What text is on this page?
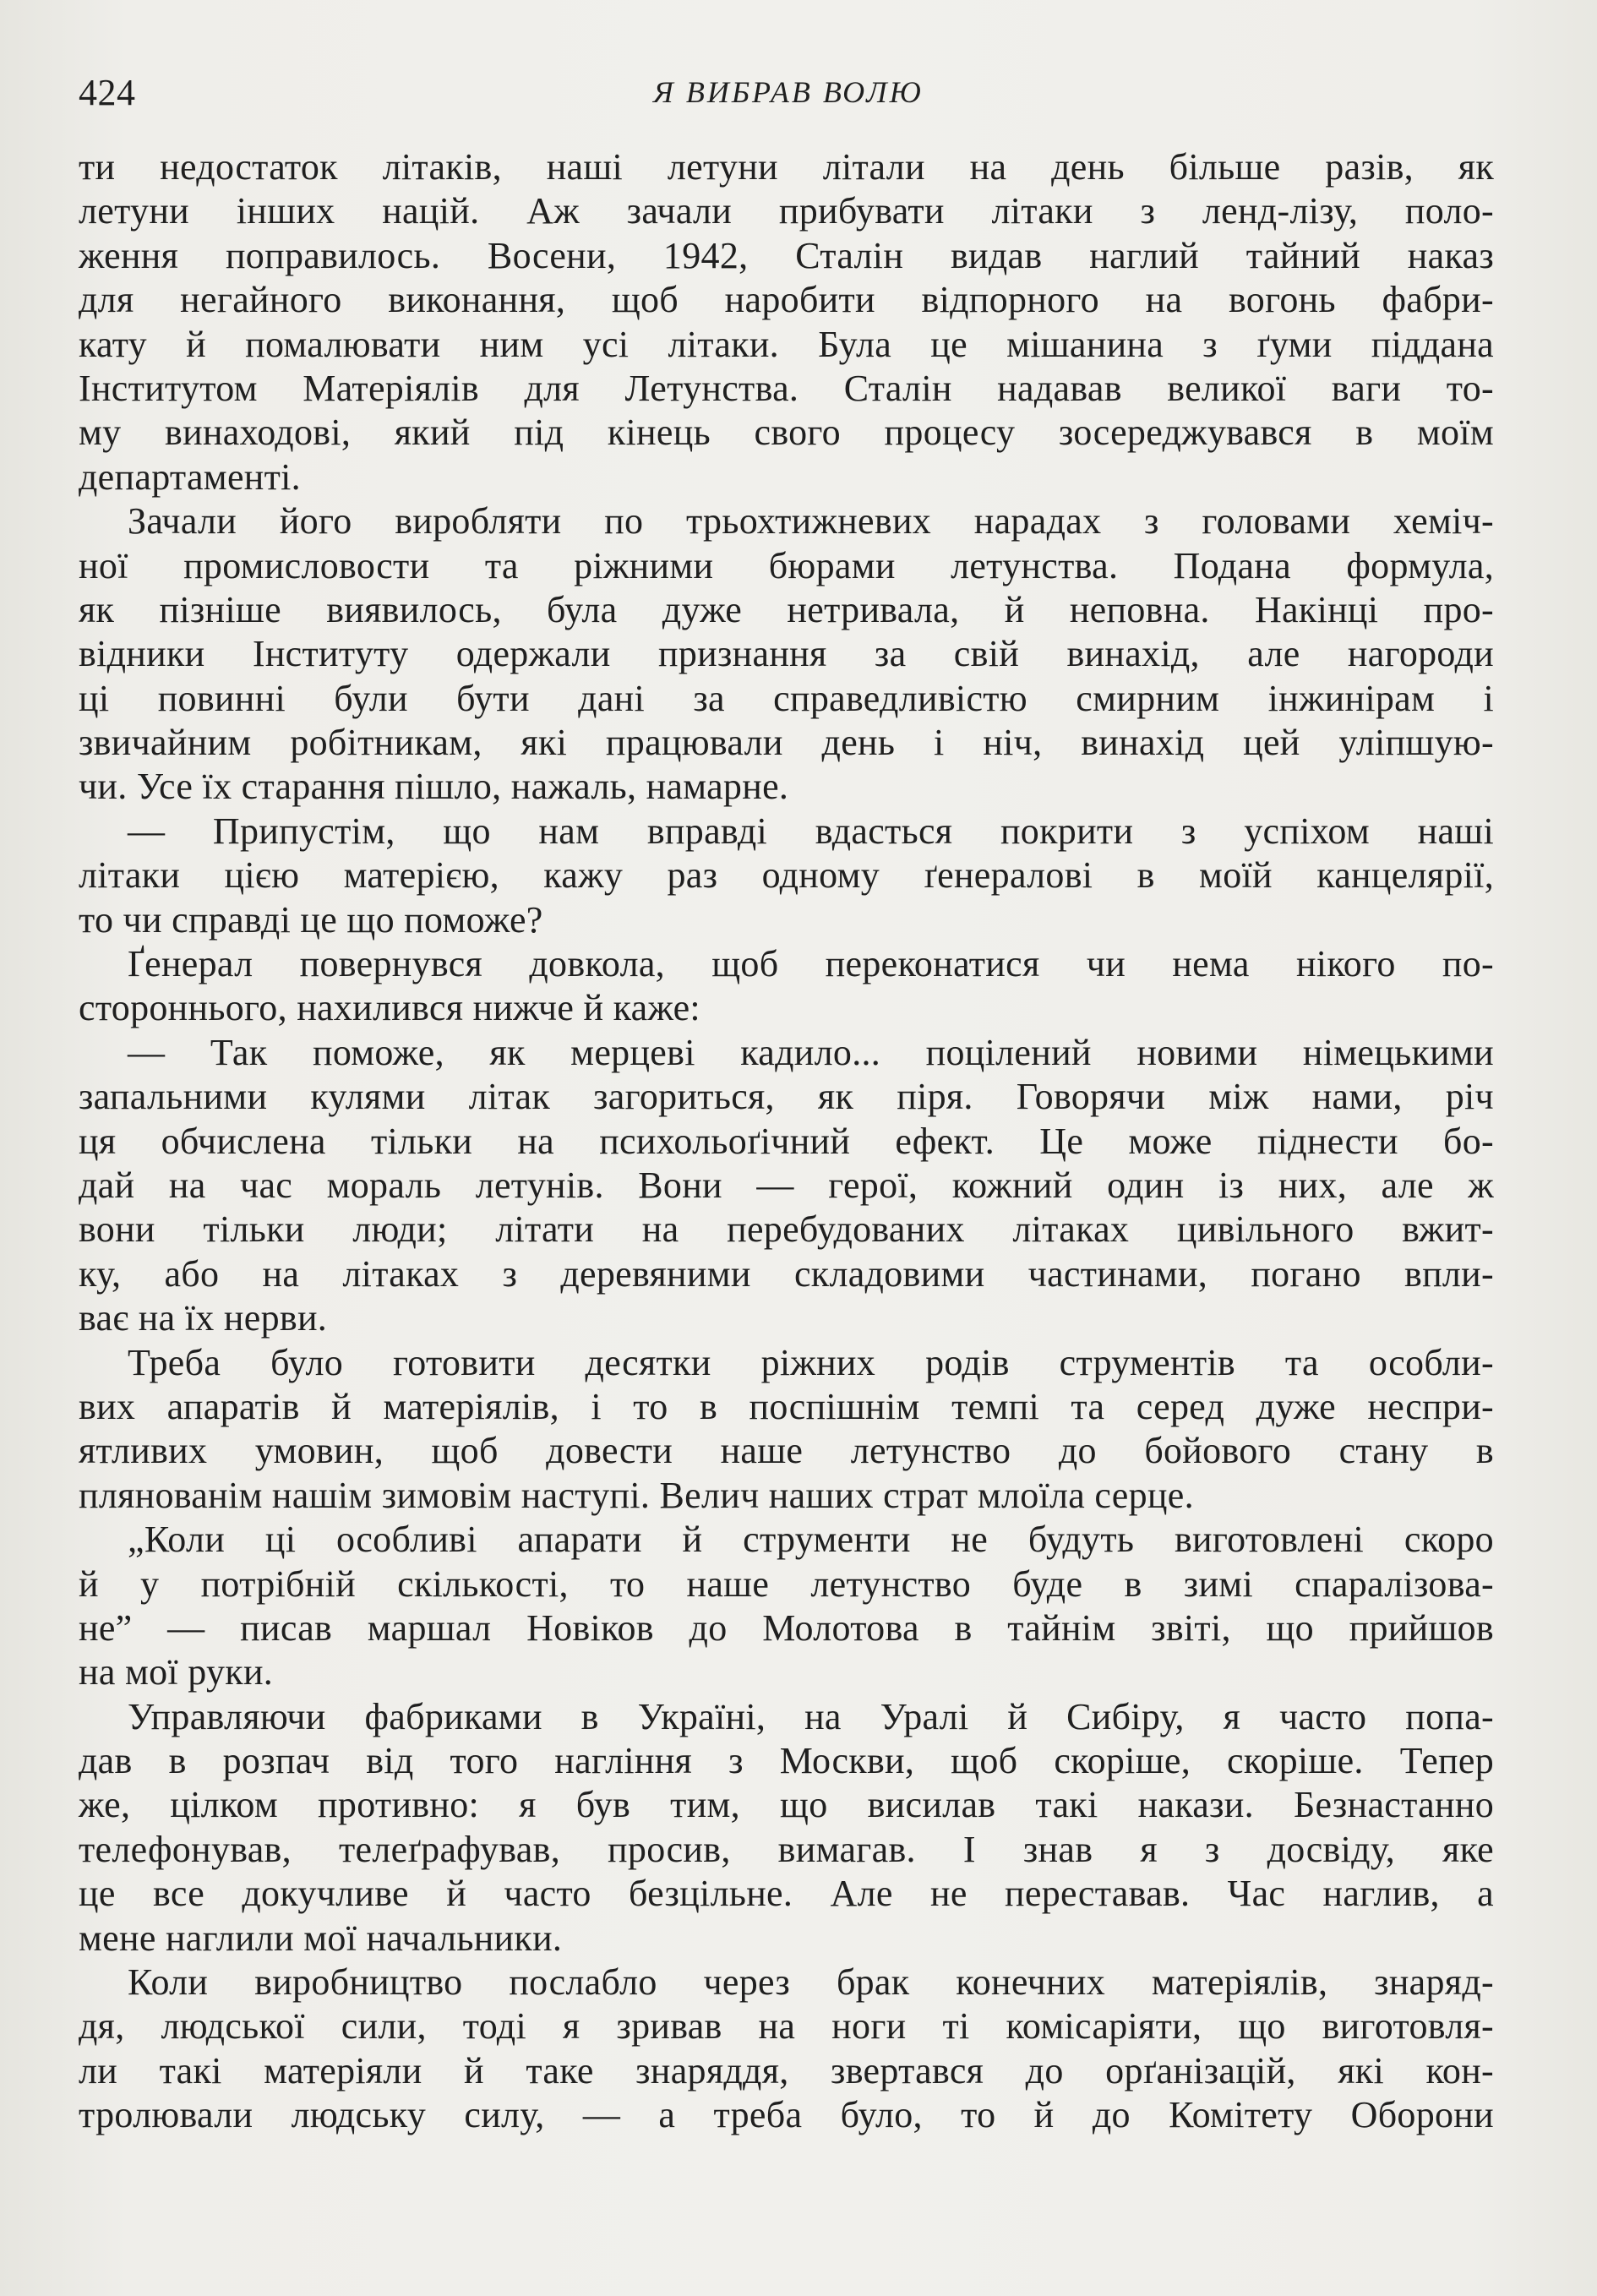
424	Я ВИБРАВ ВОЛЮ
ти недостаток літаків, наші летуни літали на день більше разів, як
летуни інших націй. Аж зачали прибувати літаки з ленд-лізу, поло-
ження поправилось. Восени, 1942, Сталін видав наглий тайний наказ
для негайного виконання, щоб наробити відпорного на вогонь фабри-
кату й помалювати ним усі літаки. Була це мішанина з ґуми піддана
Інститутом Матеріялів для Летунства. Сталін надавав великої ваги то-
му винаходові, який під кінець свого процесу зосереджувався в моїм
департаменті.
Зачали його виробляти по трьохтижневих нарадах з головами хеміч-
ної промисловости та ріжними бюрами летунства. Подана формула,
як пізніше виявилось, була дуже нетривала, й неповна. Накінці про-
відники Інституту одержали признання за свій винахід, але нагороди
ці повинні були бути дані за справедливістю смирним інжинірам і
звичайним робітникам, які працювали день і ніч, винахід цей уліпшую-
чи. Усе їх старання пішло, нажаль, намарне.
— Припустім, що нам вправді вдасться покрити з успіхом наші
літаки цією матерією, кажу раз одному ґенералові в моїй канцелярії,
то чи справді це що поможе?
Ґенерал повернувся довкола, щоб переконатися чи нема нікого по-
стороннього, нахилився нижче й каже:
— Так поможе, як мерцеві кадило... поцілений новими німецькими
запальними кулями літак загориться, як піря. Говорячи між нами, річ
ця обчислена тільки на психольоґічний ефект. Це може піднести бо-
дай на час мораль летунів. Вони — герої, кожний один із них, але ж
вони тільки люди; літати на перебудованих літаках цивільного вжит-
ку, або на літаках з деревяними складовими частинами, погано впли-
ває на їх нерви.
Треба було готовити десятки ріжних родів струментів та особли-
вих апаратів й матеріялів, і то в поспішнім темпі та серед дуже неспри-
ятливих умовин, щоб довести наше летунство до бойового стану в
плянованім нашім зимовім наступі. Велич наших страт млоїла серце.
„Коли ці особливі апарати й струменти не будуть виготовлені скоро
й у потрібній скількості, то наше летунство буде в зимі спаралізова-
не” — писав маршал Новіков до Молотова в тайнім звіті, що прийшов
на мої руки.
Управляючи фабриками в Україні, на Уралі й Сибіру, я часто попа-
дав в розпач від того нагління з Москви, щоб скоріше, скоріше. Тепер
же, цілком противно: я був тим, що висилав такі накази. Безнастанно
телефонував, телеґрафував, просив, вимагав. І знав я з досвіду, яке
це все докучливе й часто безцільне. Але не переставав. Час наглив, а
мене наглили мої начальники.
Коли виробництво послабло через брак конечних матеріялів, знаряд-
дя, людської сили, тоді я зривав на ноги ті комісаріяти, що виготовля-
ли такі матеріяли й таке знаряддя, звертався до орґанізацій, які кон-
тролювали людську силу, — а треба було, то й до Комітету Оборони
